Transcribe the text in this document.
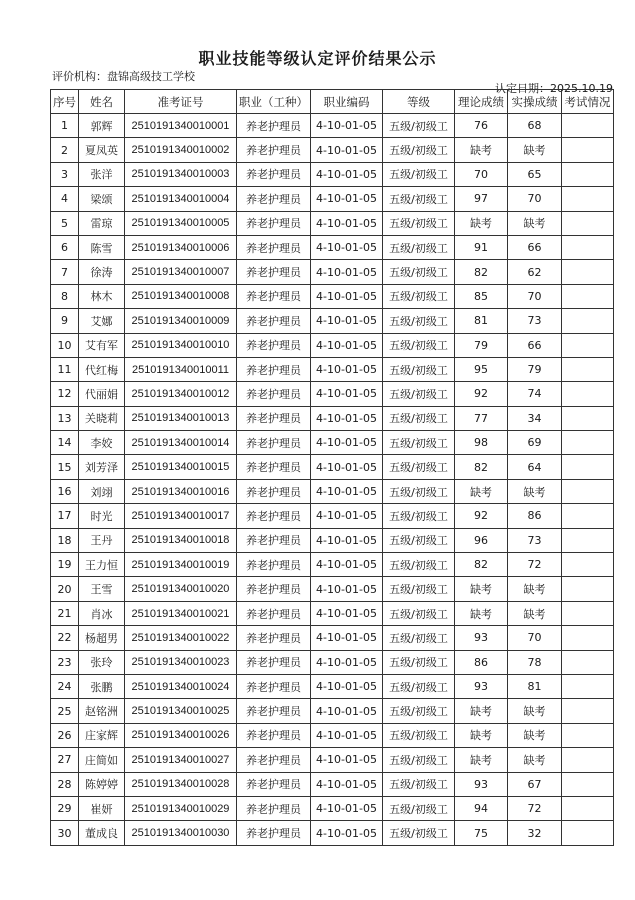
职业技能等级认定评价结果公示
评价机构：盘锦高级技工学校
认定日期：2025.10.19
序号	姓名	准考证号	职业（工种）	职业编码	等级	理论成绩	实操成绩	考试情况
1	郭辉	2510191340010001	养老护理员	4-10-01-05	五级/初级工	76	68	
2	夏凤英	2510191340010002	养老护理员	4-10-01-05	五级/初级工	缺考	缺考	
3	张洋	2510191340010003	养老护理员	4-10-01-05	五级/初级工	70	65	
4	梁颂	2510191340010004	养老护理员	4-10-01-05	五级/初级工	97	70	
5	雷琼	2510191340010005	养老护理员	4-10-01-05	五级/初级工	缺考	缺考	
6	陈雪	2510191340010006	养老护理员	4-10-01-05	五级/初级工	91	66	
7	徐涛	2510191340010007	养老护理员	4-10-01-05	五级/初级工	82	62	
8	林木	2510191340010008	养老护理员	4-10-01-05	五级/初级工	85	70	
9	艾娜	2510191340010009	养老护理员	4-10-01-05	五级/初级工	81	73	
10	艾有军	2510191340010010	养老护理员	4-10-01-05	五级/初级工	79	66	
11	代红梅	2510191340010011	养老护理员	4-10-01-05	五级/初级工	95	79	
12	代丽娟	2510191340010012	养老护理员	4-10-01-05	五级/初级工	92	74	
13	关晓莉	2510191340010013	养老护理员	4-10-01-05	五级/初级工	77	34	
14	李姣	2510191340010014	养老护理员	4-10-01-05	五级/初级工	98	69	
15	刘芳泽	2510191340010015	养老护理员	4-10-01-05	五级/初级工	82	64	
16	刘翊	2510191340010016	养老护理员	4-10-01-05	五级/初级工	缺考	缺考	
17	时光	2510191340010017	养老护理员	4-10-01-05	五级/初级工	92	86	
18	王丹	2510191340010018	养老护理员	4-10-01-05	五级/初级工	96	73	
19	王力恒	2510191340010019	养老护理员	4-10-01-05	五级/初级工	82	72	
20	王雪	2510191340010020	养老护理员	4-10-01-05	五级/初级工	缺考	缺考	
21	肖冰	2510191340010021	养老护理员	4-10-01-05	五级/初级工	缺考	缺考	
22	杨超男	2510191340010022	养老护理员	4-10-01-05	五级/初级工	93	70	
23	张玲	2510191340010023	养老护理员	4-10-01-05	五级/初级工	86	78	
24	张鹏	2510191340010024	养老护理员	4-10-01-05	五级/初级工	93	81	
25	赵铭洲	2510191340010025	养老护理员	4-10-01-05	五级/初级工	缺考	缺考	
26	庄家辉	2510191340010026	养老护理员	4-10-01-05	五级/初级工	缺考	缺考	
27	庄简如	2510191340010027	养老护理员	4-10-01-05	五级/初级工	缺考	缺考	
28	陈婷婷	2510191340010028	养老护理员	4-10-01-05	五级/初级工	93	67	
29	崔妍	2510191340010029	养老护理员	4-10-01-05	五级/初级工	94	72	
30	董成良	2510191340010030	养老护理员	4-10-01-05	五级/初级工	75	32	
